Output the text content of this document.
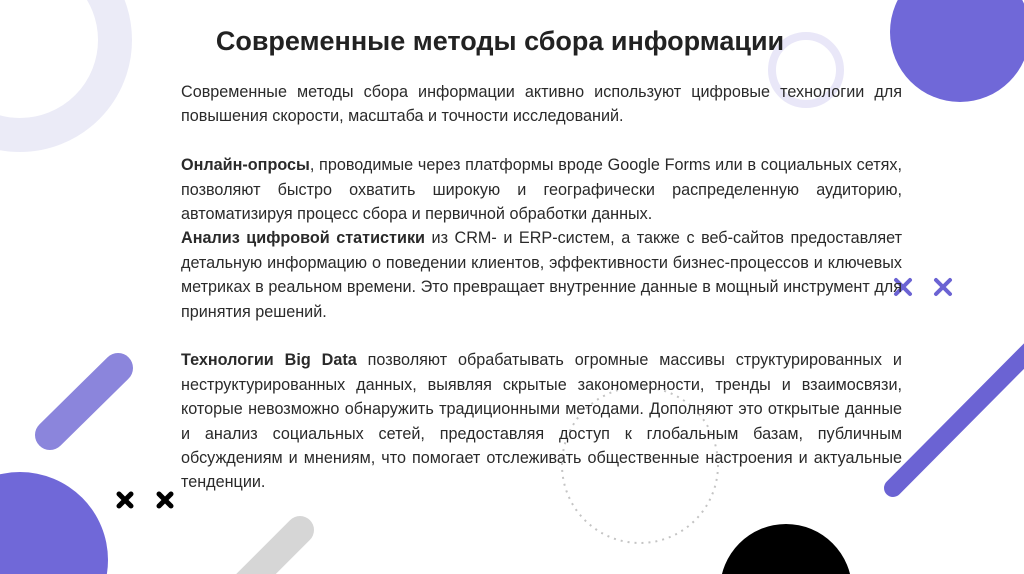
Современные методы сбора информации

Современные методы сбора информации активно используют цифровые технологии для повышения скорости, масштаба и точности исследований.

Онлайн-опросы, проводимые через платформы вроде Google Forms или в социальных сетях, позволяют быстро охватить широкую и географически распределенную аудиторию, автоматизируя процесс сбора и первичной обработки данных.

Анализ цифровой статистики из CRM- и ERP-систем, а также с веб-сайтов предоставляет детальную информацию о поведении клиентов, эффективности бизнес-процессов и ключевых метриках в реальном времени. Это превращает внутренние данные в мощный инструмент для принятия решений.

Технологии Big Data позволяют обрабатывать огромные массивы структурированных и неструктурированных данных, выявляя скрытые закономерности, тренды и взаимосвязи, которые невозможно обнаружить традиционными методами. Дополняют это открытые данные и анализ социальных сетей, предоставляя доступ к глобальным базам, публичным обсуждениям и мнениям, что помогает отслеживать общественные настроения и актуальные тенденции.
